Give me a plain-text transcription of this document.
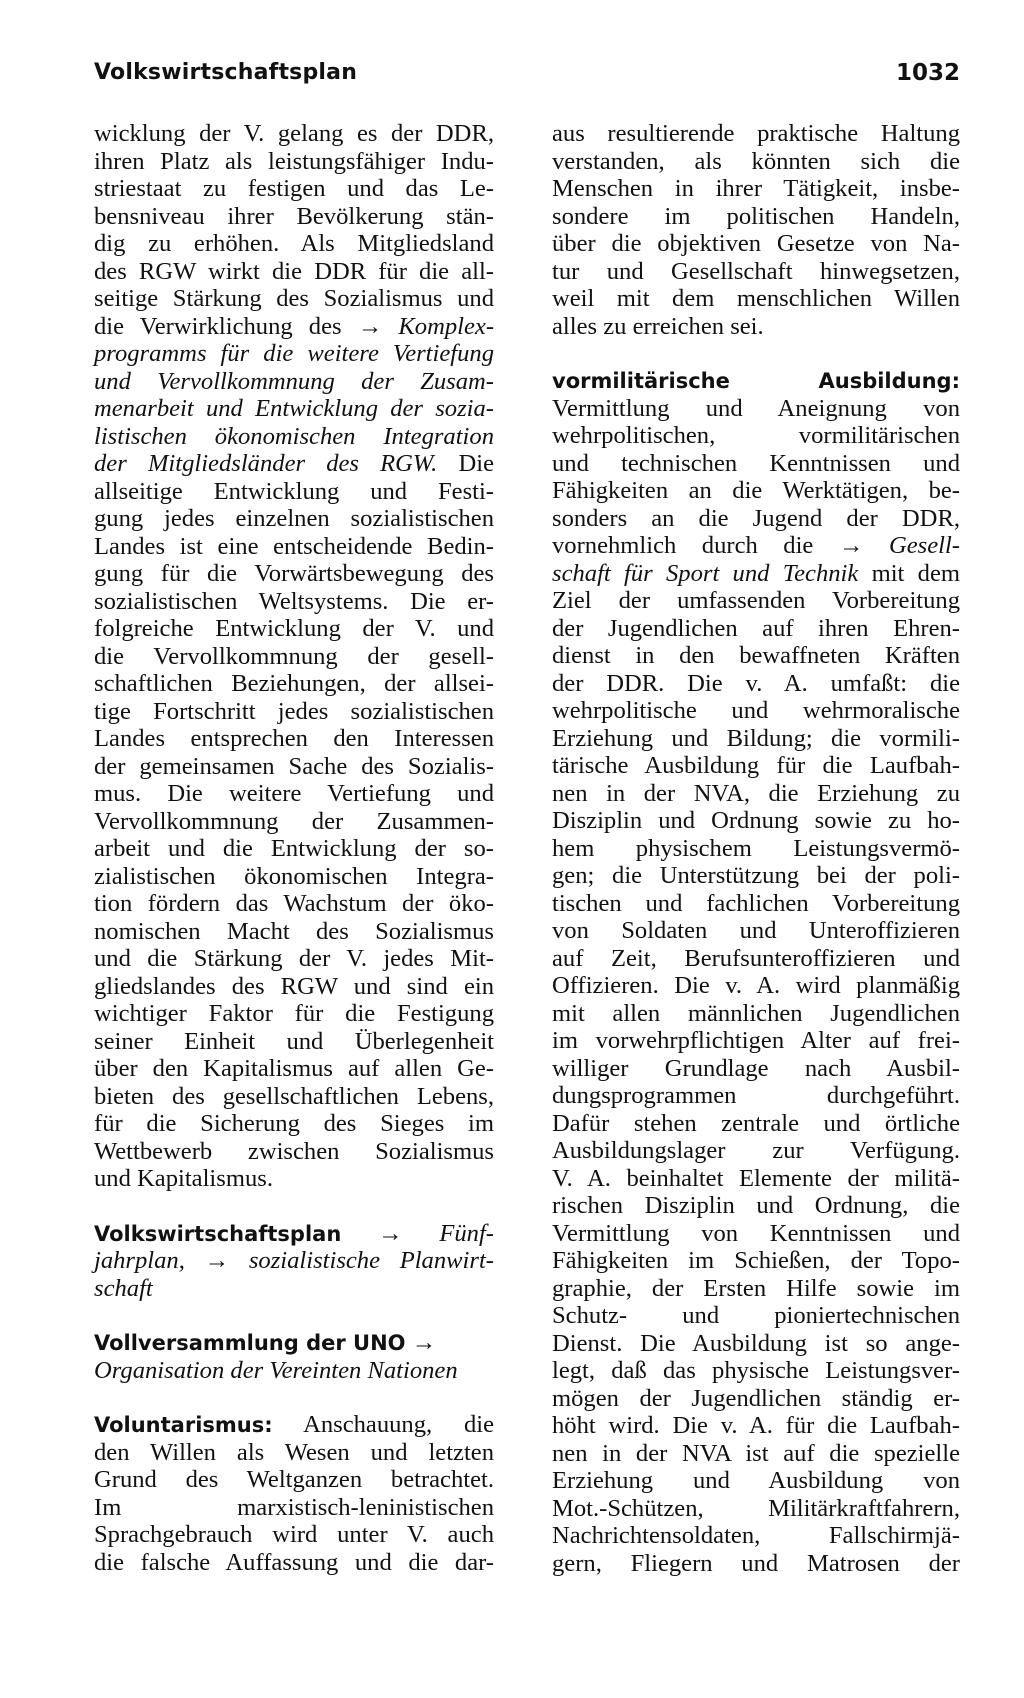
Volkswirtschaftsplan	1032
wicklung der V. gelang es der DDR,
ihren Platz als leistungsfähiger Indu-
striestaat zu festigen und das Le-
bensniveau ihrer Bevölkerung stän-
dig zu erhöhen. Als Mitgliedsland
des RGW wirkt die DDR für die all-
seitige Stärkung des Sozialismus und
die Verwirklichung des → Komplex-
programms für die weitere Vertiefung
und Vervollkommnung der Zusam-
menarbeit und Entwicklung der sozia-
listischen ökonomischen Integration
der Mitgliedsländer des RGW. Die
allseitige Entwicklung und Festi-
gung jedes einzelnen sozialistischen
Landes ist eine entscheidende Bedin-
gung für die Vorwärtsbewegung des
sozialistischen Weltsystems. Die er-
folgreiche Entwicklung der V. und
die Vervollkommnung der gesell-
schaftlichen Beziehungen, der allsei-
tige Fortschritt jedes sozialistischen
Landes entsprechen den Interessen
der gemeinsamen Sache des Sozialis-
mus. Die weitere Vertiefung und
Vervollkommnung der Zusammen-
arbeit und die Entwicklung der so-
zialistischen ökonomischen Integra-
tion fördern das Wachstum der öko-
nomischen Macht des Sozialismus
und die Stärkung der V. jedes Mit-
gliedslandes des RGW und sind ein
wichtiger Faktor für die Festigung
seiner Einheit und Überlegenheit
über den Kapitalismus auf allen Ge-
bieten des gesellschaftlichen Lebens,
für die Sicherung des Sieges im
Wettbewerb zwischen Sozialismus
und Kapitalismus.
Volkswirtschaftsplan → Fünf-
jahrplan, → sozialistische Planwirt-
schaft
Vollversammlung der UNO →
Organisation der Vereinten Nationen
Voluntarismus: Anschauung, die
den Willen als Wesen und letzten
Grund des Weltganzen betrachtet.
Im marxistisch-leninistischen
Sprachgebrauch wird unter V. auch
die falsche Auffassung und die dar-
aus resultierende praktische Haltung
verstanden, als könnten sich die
Menschen in ihrer Tätigkeit, insbe-
sondere im politischen Handeln,
über die objektiven Gesetze von Na-
tur und Gesellschaft hinwegsetzen,
weil mit dem menschlichen Willen
alles zu erreichen sei.
vormilitärische Ausbildung:
Vermittlung und Aneignung von
wehrpolitischen, vormilitärischen
und technischen Kenntnissen und
Fähigkeiten an die Werktätigen, be-
sonders an die Jugend der DDR,
vornehmlich durch die → Gesell-
schaft für Sport und Technik mit dem
Ziel der umfassenden Vorbereitung
der Jugendlichen auf ihren Ehren-
dienst in den bewaffneten Kräften
der DDR. Die v. A. umfaßt: die
wehrpolitische und wehrmoralische
Erziehung und Bildung; die vormili-
tärische Ausbildung für die Laufbah-
nen in der NVA, die Erziehung zu
Disziplin und Ordnung sowie zu ho-
hem physischem Leistungsvermö-
gen; die Unterstützung bei der poli-
tischen und fachlichen Vorbereitung
von Soldaten und Unteroffizieren
auf Zeit, Berufsunteroffizieren und
Offizieren. Die v. A. wird planmäßig
mit allen männlichen Jugendlichen
im vorwehrpflichtigen Alter auf frei-
williger Grundlage nach Ausbil-
dungsprogrammen durchgeführt.
Dafür stehen zentrale und örtliche
Ausbildungslager zur Verfügung.
V. A. beinhaltet Elemente der militä-
rischen Disziplin und Ordnung, die
Vermittlung von Kenntnissen und
Fähigkeiten im Schießen, der Topo-
graphie, der Ersten Hilfe sowie im
Schutz- und pioniertechnischen
Dienst. Die Ausbildung ist so ange-
legt, daß das physische Leistungsver-
mögen der Jugendlichen ständig er-
höht wird. Die v. A. für die Laufbah-
nen in der NVA ist auf die spezielle
Erziehung und Ausbildung von
Mot.-Schützen, Militärkraftfahrern,
Nachrichtensoldaten, Fallschirmjä-
gern, Fliegern und Matrosen der
